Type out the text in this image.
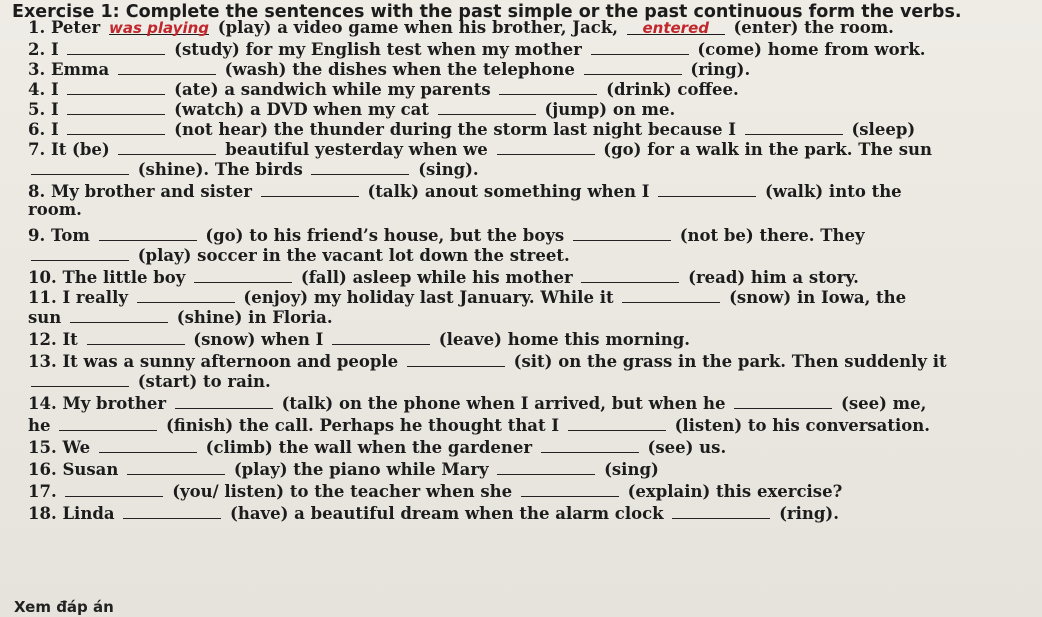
Exercise 1: Complete the sentences with the past simple or the past continuous form the verbs.
1. Peter was playing (play) a video game when his brother, Jack, entered (enter) the room.
2. I	(study) for my English test when my mother	(come) home from work.
3. Emma	(wash) the dishes when the telephone	(ring).
4. I	(ate) a sandwich while my parents	(drink) coffee.
5. I	(watch) a DVD when my cat	(jump) on me.
6. I	(not hear) the thunder during the storm last night because I	(sleep)
7. It (be)	beautiful yesterday when we	(go) for a walk in the park. The sun
(shine). The birds	(sing).
8. My brother and sister	(talk) anout something when I	(walk) into the
room.
9. Tom	(go) to his friend’s house, but the boys	(not be) there. They
(play) soccer in the vacant lot down the street.
10. The little boy	(fall) asleep while his mother	(read) him a story.
11. I really	(enjoy) my holiday last January. While it	(snow) in Iowa, the
sun	(shine) in Floria.
12. It	(snow) when I	(leave) home this morning.
13. It was a sunny afternoon and people	(sit) on the grass in the park. Then suddenly it
(start) to rain.
14. My brother	(talk) on the phone when I arrived, but when he	(see) me,
he	(finish) the call. Perhaps he thought that I	(listen) to his conversation.
15. We	(climb) the wall when the gardener	(see) us.
16. Susan	(play) the piano while Mary	(sing)
17.	(you/ listen) to the teacher when she	(explain) this exercise?
18. Linda	(have) a beautiful dream when the alarm clock	(ring).
Xem đáp án
